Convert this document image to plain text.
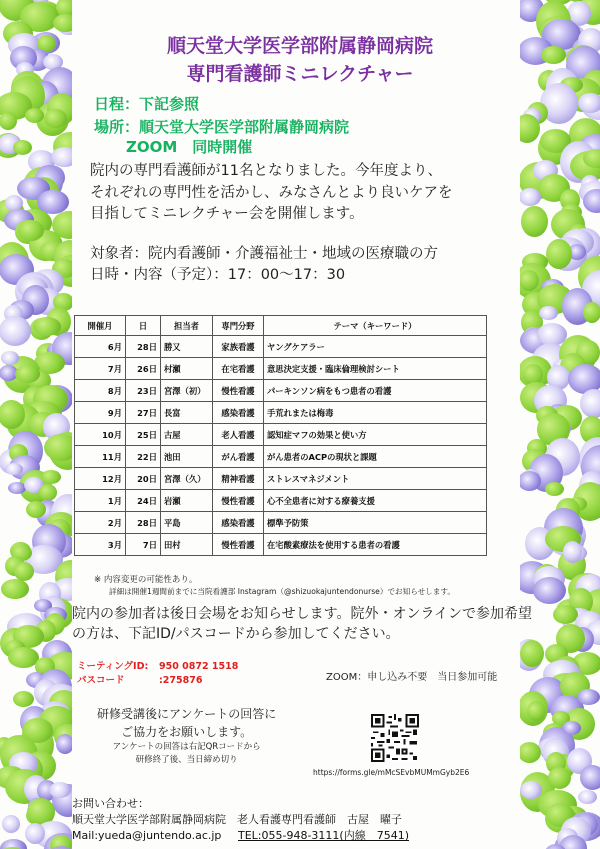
順天堂大学医学部附属静岡病院
専門看護師ミニレクチャー
日程：下記参照
場所：順天堂大学医学部附属静岡病院
ZOOM　同時開催
院内の専門看護師が11名となりました。今年度より、
それぞれの専門性を活かし、みなさんとより良いケアを
目指してミニレクチャー会を開催します。
対象者：院内看護師・介護福祉士・地域の医療職の方
日時・内容（予定）：17：00～17：30
開催月	日	担当者	専門分野	テーマ（キーワード）
6月	28日	勝又	家族看護	ヤングケアラー
7月	26日	村瀬	在宅看護	意思決定支援・臨床倫理検討シート
8月	23日	宮澤（初）	慢性看護	パーキンソン病をもつ患者の看護
9月	27日	長富	感染看護	手荒れまたは梅毒
10月	25日	古屋	老人看護	認知症マフの効果と使い方
11月	22日	池田	がん看護	がん患者のACPの現状と課題
12月	20日	宮澤（久）	精神看護	ストレスマネジメント
1月	24日	岩瀬	慢性看護	心不全患者に対する療養支援
2月	28日	平島	感染看護	標準予防策
3月	7日	田村	慢性看護	在宅酸素療法を使用する患者の看護
※ 内容変更の可能性あり。
詳細は開催1週間前までに当院看護部 Instagram（@shizuokajuntendonurse）でお知らせします。
院内の参加者は後日会場をお知らせします。院外・オンラインで参加希望
の方は、下記ID/パスコードから参加してください。
ミーティングID: 950 0872 1518
パスコード	:275876	ZOOM：申し込み不要　当日参加可能
研修受講後にアンケートの回答に
ご協力をお願いします。
アンケートの回答は右記QRコードから
研修終了後、当日締め切り
https://forms.gle/mMcSEvbMUMmGyb2E6
お問い合わせ：
順天堂大学医学部附属静岡病院　老人看護専門看護師　古屋　曜子
Mail:yueda@juntendo.ac.jp TEL:055-948-3111(内線　7541)
